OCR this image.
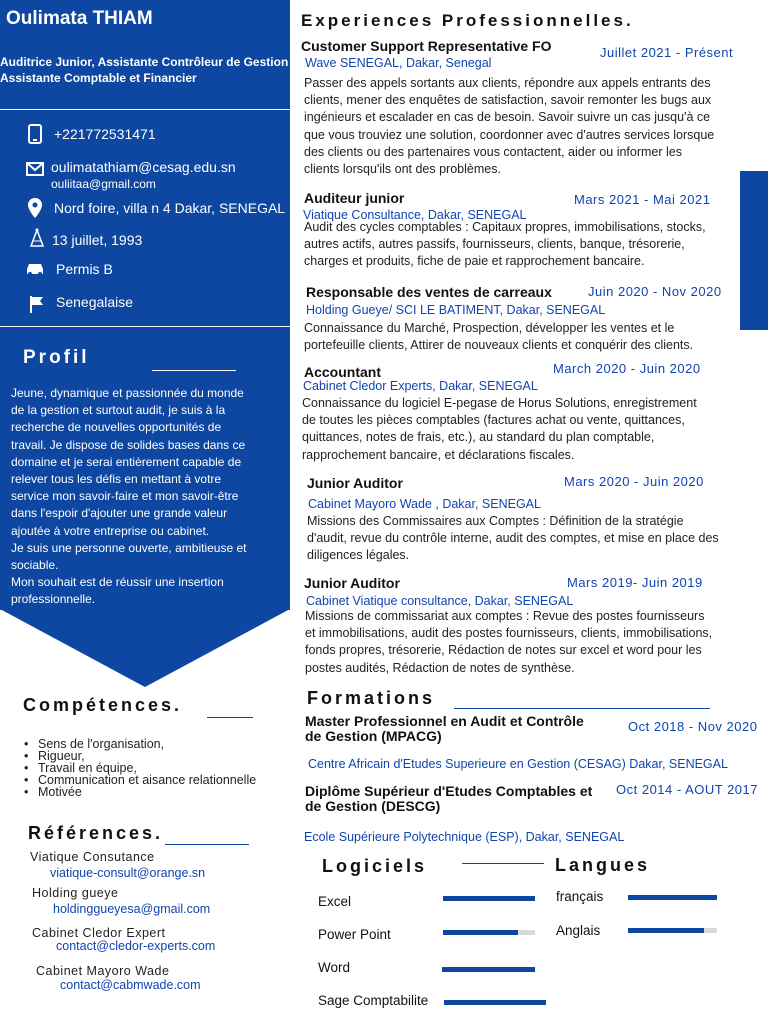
Oulimata THIAM
Auditrice Junior, Assistante Contrôleur de Gestion
Assistante Comptable et Financier
+221772531471
oulimatathiam@cesag.edu.sn
ouliitaa@gmail.com
Nord foire, villa n 4 Dakar, SENEGAL
13 juillet, 1993
Permis B
Senegalaise
Profil
Jeune, dynamique et passionnée du monde
de la gestion et surtout audit, je suis à la
recherche de nouvelles opportunités de
travail. Je dispose de solides bases dans ce
domaine et je serai entièrement capable de
relever tous les défis en mettant à votre
service mon savoir-faire et mon savoir-être
dans l'espoir d'ajouter une grande valeur
ajoutée à votre entreprise ou cabinet.
Je suis une personne ouverte, ambitieuse et
sociable.
Mon souhait est de réussir une insertion
professionnelle.
Compétences.
• Sens de l'organisation,
• Rigueur,
• Travail en équipe,
• Communication et aisance relationnelle
• Motivée
Références.
Viatique Consutance
viatique-consult@orange.sn
Holding gueye
holdinggueyesa@gmail.com
Cabinet Cledor Expert
contact@cledor-experts.com
Cabinet Mayoro Wade
contact@cabmwade.com
Experiences Professionnelles.
Customer Support Representative FO	Juillet 2021 - Présent
Wave SENEGAL, Dakar, Senegal
Passer des appels sortants aux clients, répondre aux appels entrants des
clients, mener des enquêtes de satisfaction, savoir remonter les bugs aux
ingénieurs et escalader en cas de besoin. Savoir suivre un cas jusqu'à ce
que vous trouviez une solution, coordonner avec d'autres services lorsque
des clients ou des partenaires vous contactent, aider ou informer les
clients lorsqu'ils ont des problèmes.
Auditeur junior	Mars 2021 - Mai 2021
Viatique Consultance, Dakar, SENEGAL
Audit des cycles comptables : Capitaux propres, immobilisations, stocks,
autres actifs, autres passifs, fournisseurs, clients, banque, trésorerie,
charges et produits, fiche de paie et rapprochement bancaire.
Responsable des ventes de carreaux	Juin 2020 - Nov 2020
Holding Gueye/ SCI LE BATIMENT, Dakar, SENEGAL
Connaissance du Marché, Prospection, développer les ventes et le
portefeuille clients, Attirer de nouveaux clients et conquérir des clients.
Accountant	March 2020 - Juin 2020
Cabinet Cledor Experts, Dakar, SENEGAL
Connaissance du logiciel E-pegase de Horus Solutions, enregistrement
de toutes les pièces comptables (factures achat ou vente, quittances,
quittances, notes de frais, etc.), au standard du plan comptable,
rapprochement bancaire, et déclarations fiscales.
Junior Auditor	Mars 2020 - Juin 2020
Cabinet Mayoro Wade , Dakar, SENEGAL
Missions des Commissaires aux Comptes : Définition de la stratégie
d'audit, revue du contrôle interne, audit des comptes, et mise en place des
diligences légales.
Junior Auditor	Mars 2019- Juin 2019
Cabinet Viatique consultance, Dakar, SENEGAL
Missions de commissariat aux comptes : Revue des postes fournisseurs
et immobilisations, audit des postes fournisseurs, clients, immobilisations,
fonds propres, trésorerie, Rédaction de notes sur excel et word pour les
postes audités, Rédaction de notes de synthèse.
Formations
Master Professionnel en Audit et Contrôle
de Gestion (MPACG)
Oct 2018 - Nov 2020
Centre Africain d'Etudes Superieure en Gestion (CESAG) Dakar, SENEGAL
Diplôme Supérieur d'Etudes Comptables et
de Gestion (DESCG)
Oct 2014 - AOUT 2017
Ecole Supérieure Polytechnique (ESP), Dakar, SENEGAL
Logiciels
Excel
Power Point
Word
Sage Comptabilite
Langues
français
Anglais
